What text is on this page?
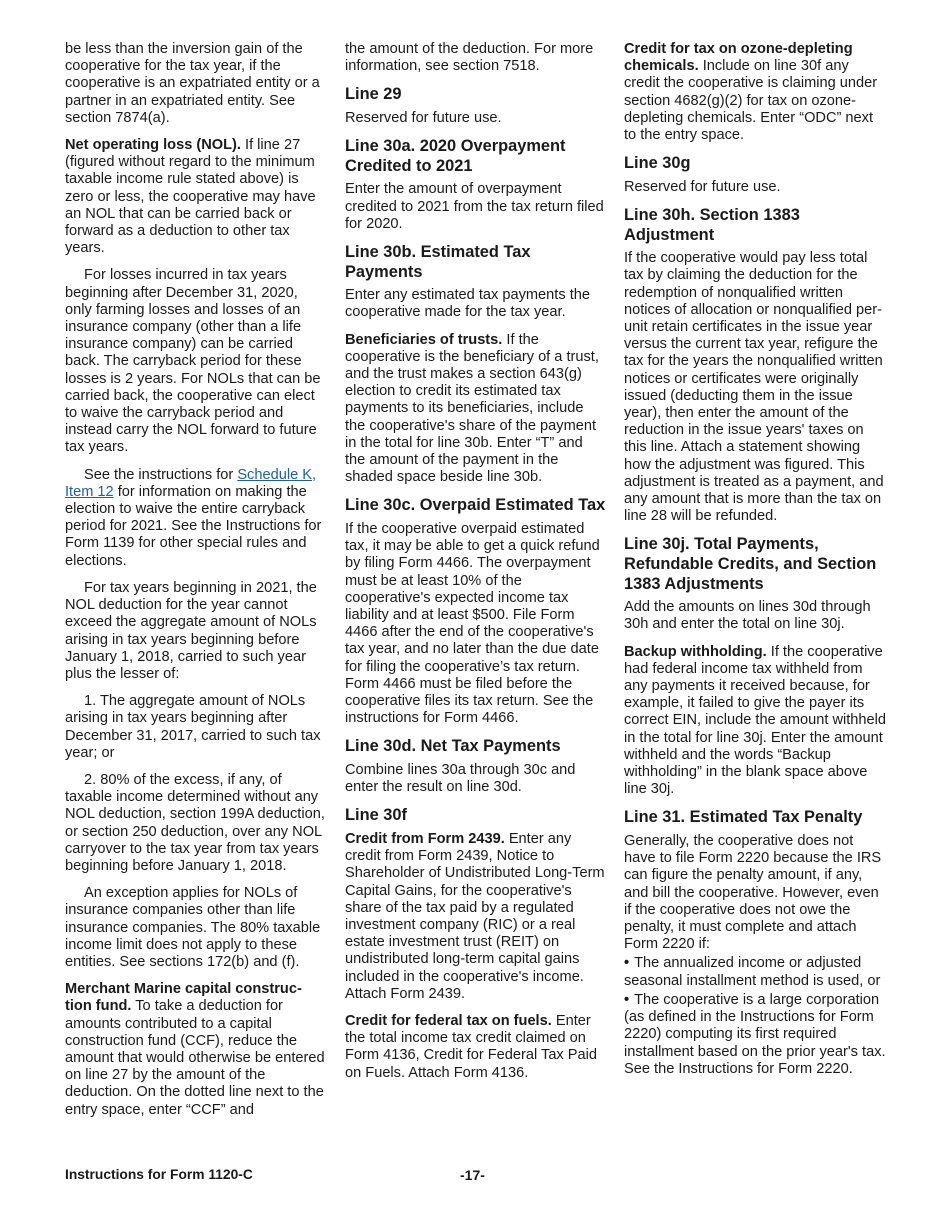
be less than the inversion gain of the cooperative for the tax year, if the cooperative is an expatriated entity or a partner in an expatriated entity. See section 7874(a).

Net operating loss (NOL). If line 27 (figured without regard to the minimum taxable income rule stated above) is zero or less, the cooperative may have an NOL that can be carried back or forward as a deduction to other tax years.

For losses incurred in tax years beginning after December 31, 2020, only farming losses and losses of an insurance company (other than a life insurance company) can be carried back. The carryback period for these losses is 2 years. For NOLs that can be carried back, the cooperative can elect to waive the carryback period and instead carry the NOL forward to future tax years.

See the instructions for Schedule K, Item 12 for information on making the election to waive the entire carryback period for 2021. See the Instructions for Form 1139 for other special rules and elections.

For tax years beginning in 2021, the NOL deduction for the year cannot exceed the aggregate amount of NOLs arising in tax years beginning before January 1, 2018, carried to such year plus the lesser of:

1. The aggregate amount of NOLs arising in tax years beginning after December 31, 2017, carried to such tax year; or

2. 80% of the excess, if any, of taxable income determined without any NOL deduction, section 199A deduction, or section 250 deduction, over any NOL carryover to the tax year from tax years beginning before January 1, 2018.

An exception applies for NOLs of insurance companies other than life insurance companies. The 80% taxable income limit does not apply to these entities. See sections 172(b) and (f).

Merchant Marine capital construc-tion fund. To take a deduction for amounts contributed to a capital construction fund (CCF), reduce the amount that would otherwise be entered on line 27 by the amount of the deduction. On the dotted line next to the entry space, enter “CCF” and

the amount of the deduction. For more information, see section 7518.

Line 29

Reserved for future use.

Line 30a. 2020 Overpayment Credited to 2021

Enter the amount of overpayment credited to 2021 from the tax return filed for 2020.

Line 30b. Estimated Tax Payments

Enter any estimated tax payments the cooperative made for the tax year.

Beneficiaries of trusts. If the cooperative is the beneficiary of a trust, and the trust makes a section 643(g) election to credit its estimated tax payments to its beneficiaries, include the cooperative's share of the payment in the total for line 30b. Enter “T” and the amount of the payment in the shaded space beside line 30b.

Line 30c. Overpaid Estimated Tax

If the cooperative overpaid estimated tax, it may be able to get a quick refund by filing Form 4466. The overpayment must be at least 10% of the cooperative's expected income tax liability and at least $500. File Form 4466 after the end of the cooperative's tax year, and no later than the due date for filing the cooperative’s tax return. Form 4466 must be filed before the cooperative files its tax return. See the instructions for Form 4466.

Line 30d. Net Tax Payments

Combine lines 30a through 30c and enter the result on line 30d.

Line 30f

Credit from Form 2439. Enter any credit from Form 2439, Notice to Shareholder of Undistributed Long-Term Capital Gains, for the cooperative's share of the tax paid by a regulated investment company (RIC) or a real estate investment trust (REIT) on undistributed long-term capital gains included in the cooperative's income. Attach Form 2439.

Credit for federal tax on fuels. Enter the total income tax credit claimed on Form 4136, Credit for Federal Tax Paid on Fuels. Attach Form 4136.

Credit for tax on ozone-depleting chemicals. Include on line 30f any credit the cooperative is claiming under section 4682(g)(2) for tax on ozone-depleting chemicals. Enter “ODC” next to the entry space.

Line 30g

Reserved for future use.

Line 30h. Section 1383 Adjustment

If the cooperative would pay less total tax by claiming the deduction for the redemption of nonqualified written notices of allocation or nonqualified per-unit retain certificates in the issue year versus the current tax year, refigure the tax for the years the nonqualified written notices or certificates were originally issued (deducting them in the issue year), then enter the amount of the reduction in the issue years' taxes on this line. Attach a statement showing how the adjustment was figured. This adjustment is treated as a payment, and any amount that is more than the tax on line 28 will be refunded.

Line 30j. Total Payments, Refundable Credits, and Section 1383 Adjustments

Add the amounts on lines 30d through 30h and enter the total on line 30j.

Backup withholding. If the cooperative had federal income tax withheld from any payments it received because, for example, it failed to give the payer its correct EIN, include the amount withheld in the total for line 30j. Enter the amount withheld and the words “Backup withholding” in the blank space above line 30j.

Line 31. Estimated Tax Penalty

Generally, the cooperative does not have to file Form 2220 because the IRS can figure the penalty amount, if any, and bill the cooperative. However, even if the cooperative does not owe the penalty, it must complete and attach Form 2220 if:

• The annualized income or adjusted seasonal installment method is used, or

• The cooperative is a large corporation (as defined in the Instructions for Form 2220) computing its first required installment based on the prior year's tax. See the Instructions for Form 2220.

Instructions for Form 1120-C	-17-
